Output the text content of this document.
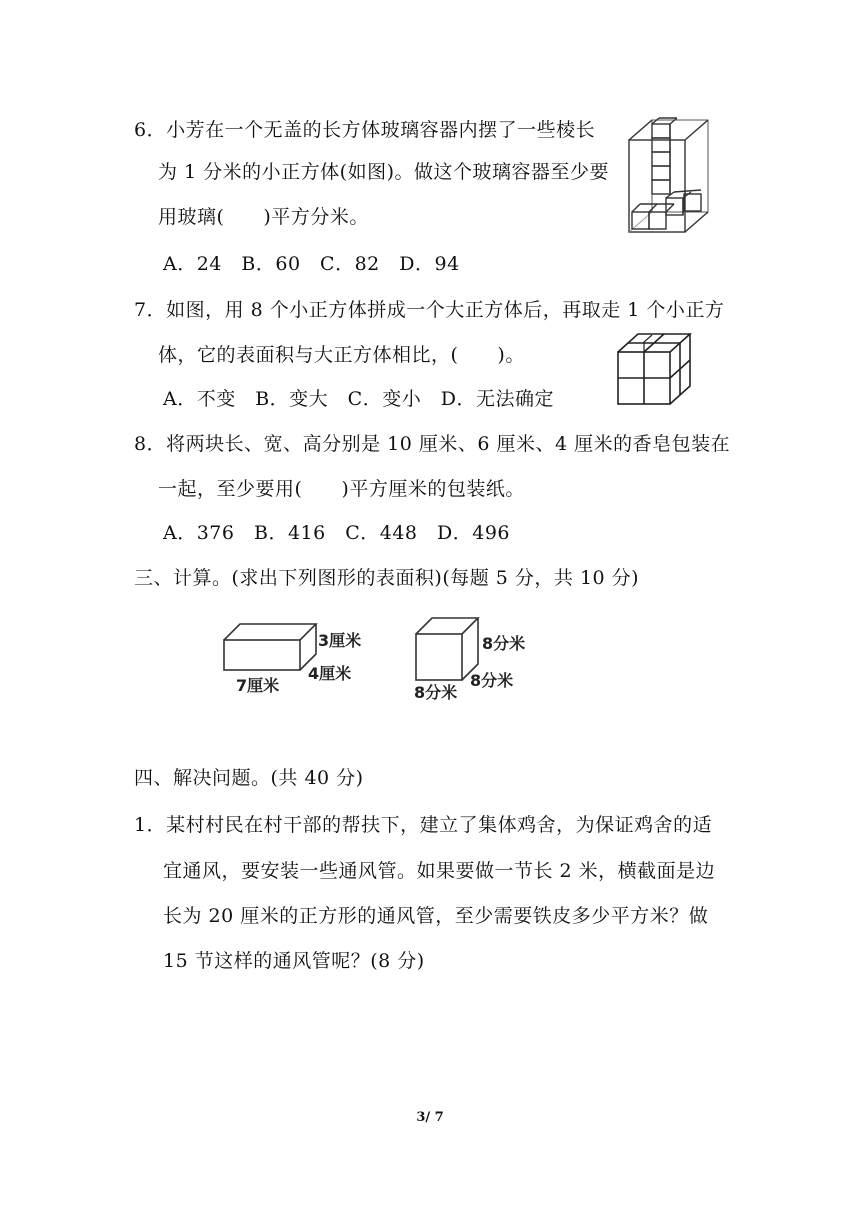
6．小芳在一个无盖的长方体玻璃容器内摆了一些棱长
为 1 分米的小正方体(如图)。做这个玻璃容器至少要
用玻璃(　　)平方分米。
A．24　B．60　C．82　D．94
7．如图，用 8 个小正方体拼成一个大正方体后，再取走 1 个小正方
体，它的表面积与大正方体相比，(　　)。
A．不变　B．变大　C．变小　D．无法确定
8．将两块长、宽、高分别是 10 厘米、6 厘米、4 厘米的香皂包装在
一起，至少要用(　　)平方厘米的包装纸。
A．376　B．416　C．448　D．496
三、计算。(求出下列图形的表面积)(每题 5 分，共 10 分)
3厘米
4厘米
7厘米
8分米
8分米
8分米
四、解决问题。(共 40 分)
1．某村村民在村干部的帮扶下，建立了集体鸡舍，为保证鸡舍的适
宜通风，要安装一些通风管。如果要做一节长 2 米，横截面是边
长为 20 厘米的正方形的通风管，至少需要铁皮多少平方米？做
15 节这样的通风管呢？(8 分)
3/ 7
